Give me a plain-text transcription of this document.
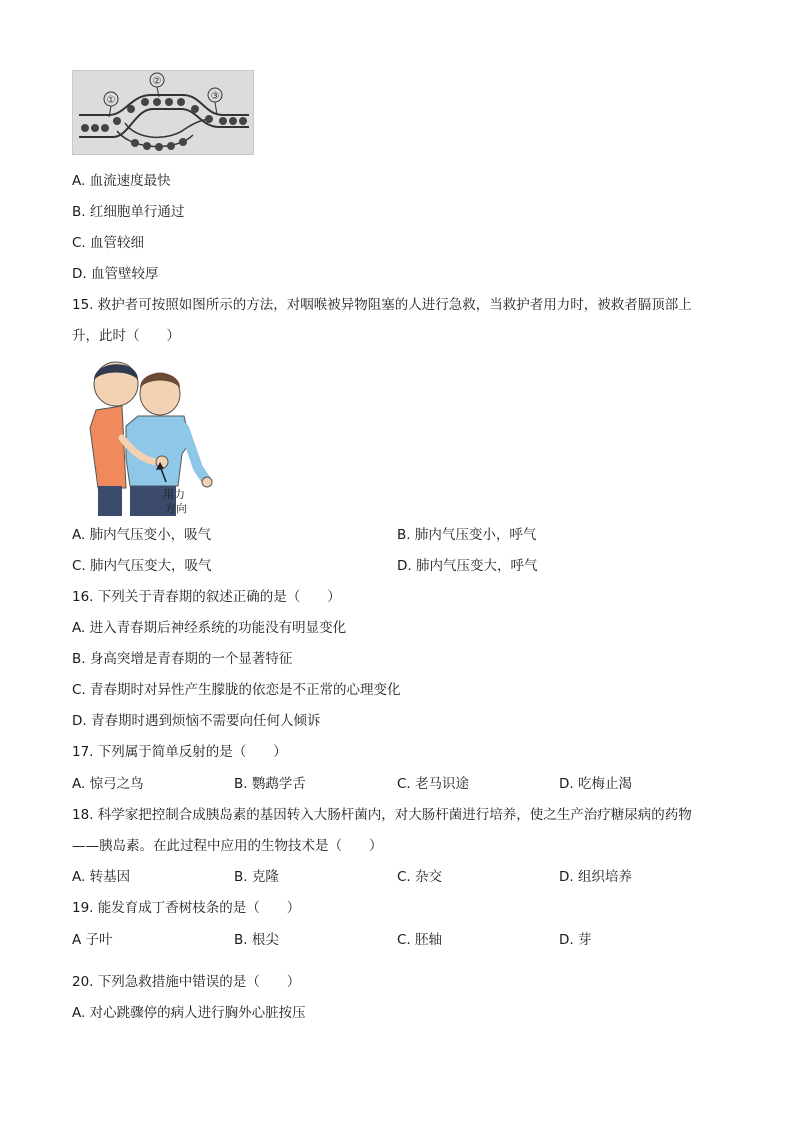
①
②
③
A. 血流速度最快
B. 红细胞单行通过
C. 血管较细
D. 血管壁较厚
15. 救护者可按照如图所示的方法，对咽喉被异物阻塞的人进行急救，当救护者用力时，被救者膈顶部上
升，此时（　　）
用力
方向
A. 肺内气压变小，吸气	B. 肺内气压变小，呼气
C. 肺内气压变大，吸气	D. 肺内气压变大，呼气
16. 下列关于青春期的叙述正确的是（　　）
A. 进入青春期后神经系统的功能没有明显变化
B. 身高突增是青春期的一个显著特征
C. 青春期时对异性产生朦胧的依恋是不正常的心理变化
D. 青春期时遇到烦恼不需要向任何人倾诉
17. 下列属于简单反射的是（　　）
A. 惊弓之鸟	B. 鹦鹉学舌	C. 老马识途	D. 吃梅止渴
18. 科学家把控制合成胰岛素的基因转入大肠杆菌内，对大肠杆菌进行培养，使之生产治疗糖尿病的药物
——胰岛素。在此过程中应用的生物技术是（　　）
A. 转基因	B. 克隆	C. 杂交	D. 组织培养
19. 能发育成丁香树枝条的是（　　）
A 子叶	B. 根尖	C. 胚轴	D. 芽
20. 下列急救措施中错误的是（　　）
A. 对心跳骤停的病人进行胸外心脏按压
